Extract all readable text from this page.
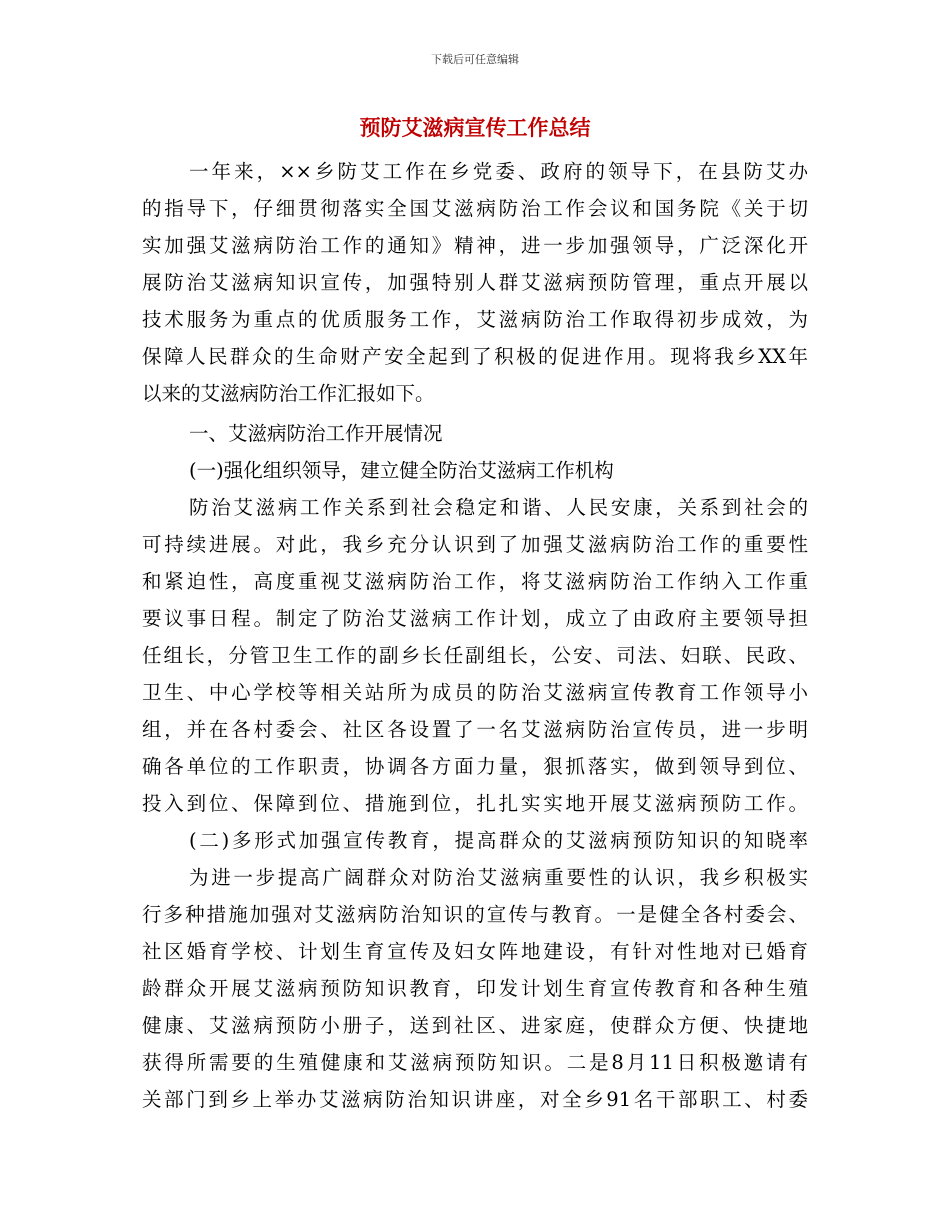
下载后可任意编辑
预防艾滋病宣传工作总结
一年来，××乡防艾工作在乡党委、政府的领导下，在县防艾办
的指导下，仔细贯彻落实全国艾滋病防治工作会议和国务院《关于切
实加强艾滋病防治工作的通知》精神，进一步加强领导，广泛深化开
展防治艾滋病知识宣传，加强特别人群艾滋病预防管理，重点开展以
技术服务为重点的优质服务工作，艾滋病防治工作取得初步成效，为
保障人民群众的生命财产安全起到了积极的促进作用。现将我乡XX年
以来的艾滋病防治工作汇报如下。
一、艾滋病防治工作开展情况
(一)强化组织领导，建立健全防治艾滋病工作机构
防治艾滋病工作关系到社会稳定和谐、人民安康，关系到社会的
可持续进展。对此，我乡充分认识到了加强艾滋病防治工作的重要性
和紧迫性，高度重视艾滋病防治工作，将艾滋病防治工作纳入工作重
要议事日程。制定了防治艾滋病工作计划，成立了由政府主要领导担
任组长，分管卫生工作的副乡长任副组长，公安、司法、妇联、民政、
卫生、中心学校等相关站所为成员的防治艾滋病宣传教育工作领导小
组，并在各村委会、社区各设置了一名艾滋病防治宣传员，进一步明
确各单位的工作职责，协调各方面力量，狠抓落实，做到领导到位、
投入到位、保障到位、措施到位，扎扎实实地开展艾滋病预防工作。
(二)多形式加强宣传教育，提高群众的艾滋病预防知识的知晓率
为进一步提高广阔群众对防治艾滋病重要性的认识，我乡积极实
行多种措施加强对艾滋病防治知识的宣传与教育。一是健全各村委会、
社区婚育学校、计划生育宣传及妇女阵地建设，有针对性地对已婚育
龄群众开展艾滋病预防知识教育，印发计划生育宣传教育和各种生殖
健康、艾滋病预防小册子，送到社区、进家庭，使群众方便、快捷地
获得所需要的生殖健康和艾滋病预防知识。二是8月11日积极邀请有
关部门到乡上举办艾滋病防治知识讲座，对全乡91名干部职工、村委
